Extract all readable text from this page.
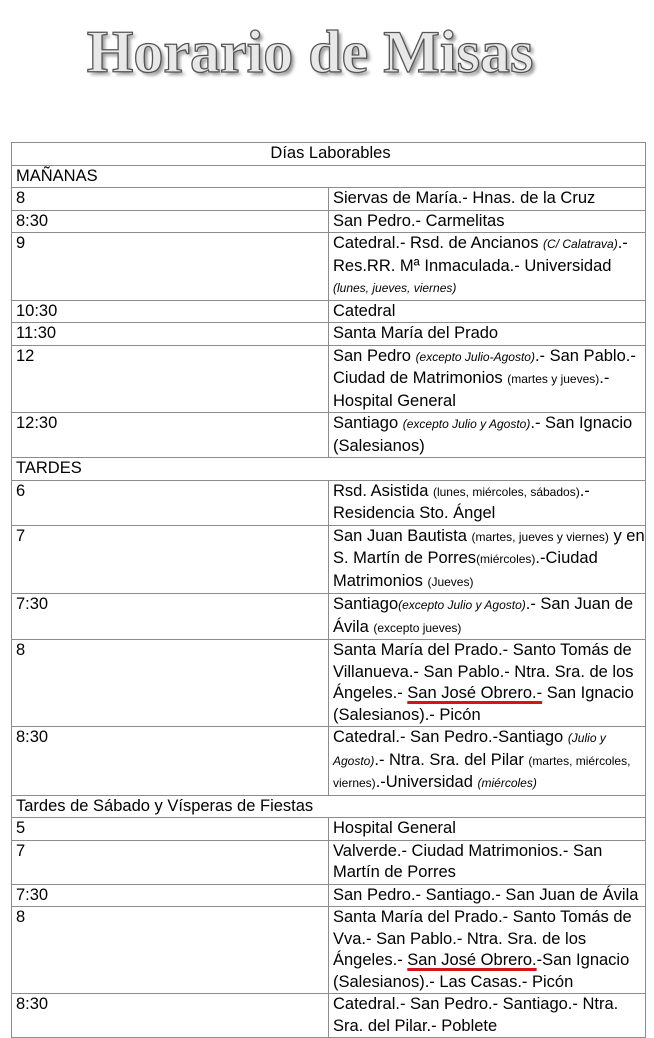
Horario de Misas
Días Laborables	
MAÑANAS	
8	Siervas de María.- Hnas. de la Cruz
8:30	San Pedro.- Carmelitas
9	Catedral.- Rsd. de Ancianos (C/ Calatrava).- Res.RR. Mª Inmaculada.- Universidad (lunes, jueves, viernes)
10:30	Catedral
11:30	Santa María del Prado
12	San Pedro (excepto Julio-Agosto).- San Pablo.- Ciudad de Matrimonios (martes y jueves).- Hospital General
12:30	Santiago (excepto Julio y Agosto).- San Ignacio (Salesianos)
TARDES	
6	Rsd. Asistida (lunes, miércoles, sábados).- Residencia Sto. Ángel
7	San Juan Bautista (martes, jueves y viernes) y en S. Martín de Porres(miércoles).-Ciudad Matrimonios (Jueves)
7:30	Santiago(excepto Julio y Agosto).- San Juan de Ávila (excepto jueves)
8	Santa María del Prado.- Santo Tomás de Villanueva.- San Pablo.- Ntra. Sra. de los Ángeles.- San José Obrero.- San Ignacio (Salesianos).- Picón
8:30	Catedral.- San Pedro.-Santiago (Julio y Agosto).- Ntra. Sra. del Pilar (martes, miércoles, viernes).-Universidad (miércoles)
Tardes de Sábado y Vísperas de Fiestas	
5	Hospital General
7	Valverde.- Ciudad Matrimonios.- San Martín de Porres
7:30	San Pedro.- Santiago.- San Juan de Ávila
8	Santa María del Prado.- Santo Tomás de Vva.- San Pablo.- Ntra. Sra. de los Ángeles.- San José Obrero.-San Ignacio (Salesianos).- Las Casas.- Picón
8:30	Catedral.- San Pedro.- Santiago.- Ntra. Sra. del Pilar.- Poblete
